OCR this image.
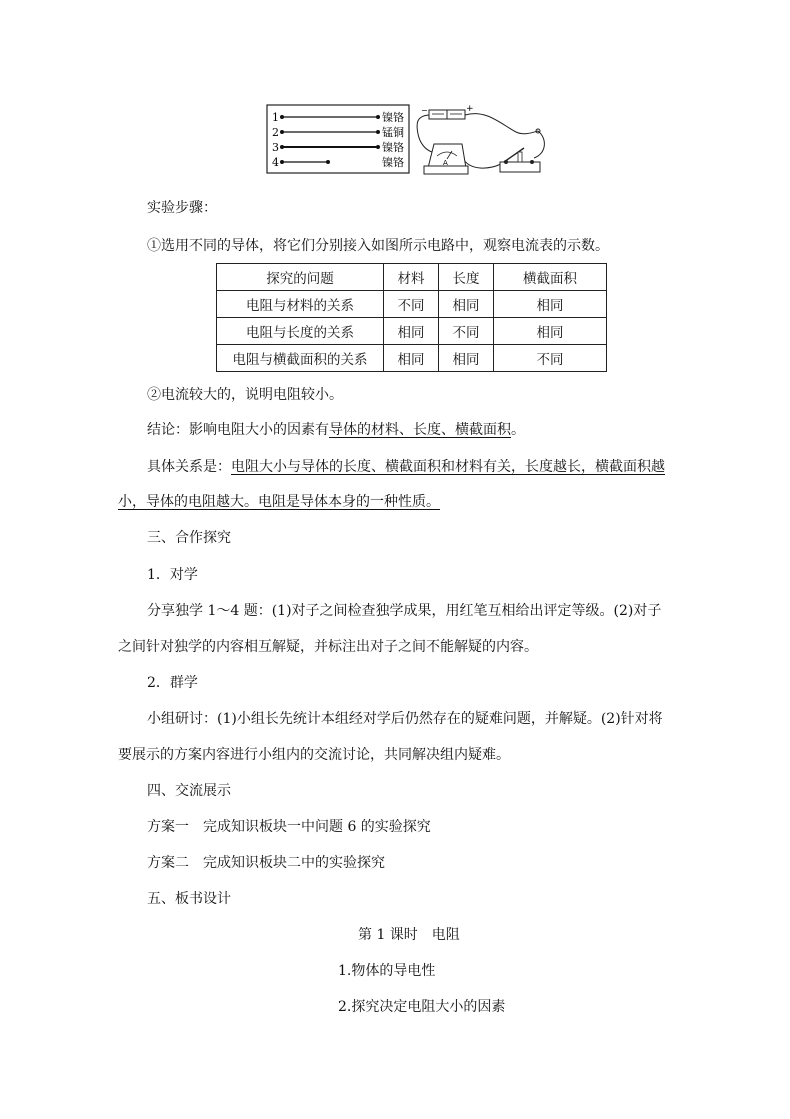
1	镍铬
2	锰铜
3	镍铬
4	镍铬
+
−
A
实验步骤：
①选用不同的导体，将它们分别接入如图所示电路中，观察电流表的示数。
探究的问题	材料	长度	横截面积
电阻与材料的关系	不同	相同	相同
电阻与长度的关系	相同	不同	相同
电阻与横截面积的关系	相同	相同	不同
②电流较大的，说明电阻较小。
结论：影响电阻大小的因素有导体的材料、长度、横截面积。
具体关系是：电阻大小与导体的长度、横截面积和材料有关，长度越长，横截面积越
小，导体的电阻越大。电阻是导体本身的一种性质。
三、合作探究
1．对学
分享独学 1～4 题：(1)对子之间检查独学成果，用红笔互相给出评定等级。(2)对子
之间针对独学的内容相互解疑，并标注出对子之间不能解疑的内容。
2．群学
小组研讨：(1)小组长先统计本组经对学后仍然存在的疑难问题，并解疑。(2)针对将
要展示的方案内容进行小组内的交流讨论，共同解决组内疑难。
四、交流展示
方案一　完成知识板块一中问题 6 的实验探究
方案二　完成知识板块二中的实验探究
五、板书设计
第 1 课时　电阻
1.物体的导电性
2.探究决定电阻大小的因素
